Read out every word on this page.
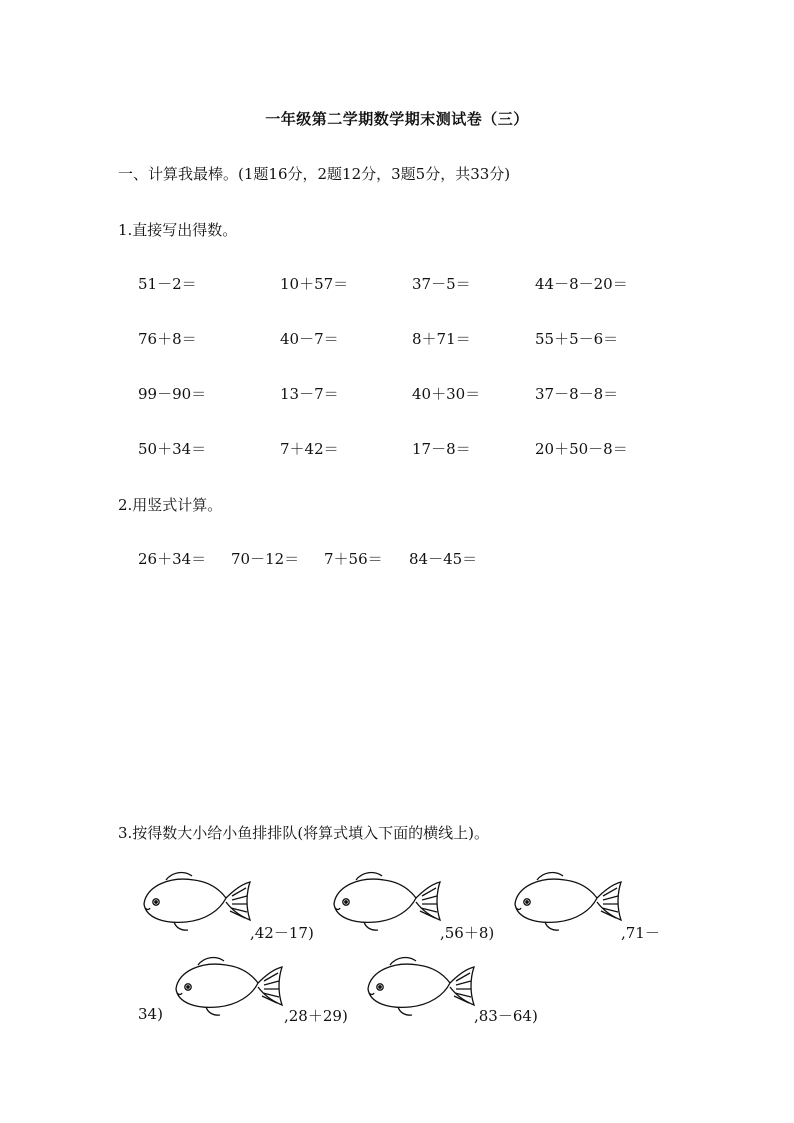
一年级第二学期数学期末测试卷（三）
一、计算我最棒。(1题16分，2题12分，3题5分，共33分)
1.直接写出得数。
51－2＝	10＋57＝	37－5＝	44－8－20＝
76＋8＝	40－7＝	8＋71＝	55＋5－6＝
99－90＝	13－7＝	40＋30＝	37－8－8＝
50＋34＝	7＋42＝	17－8＝	20＋50－8＝
2.用竖式计算。
26＋34＝ 70－12＝ 7＋56＝ 84－45＝
3.按得数大小给小鱼排排队(将算式填入下面的横线上)。
,42－17)	,56＋8)	,71－
34)	,28＋29)	,83－64)
